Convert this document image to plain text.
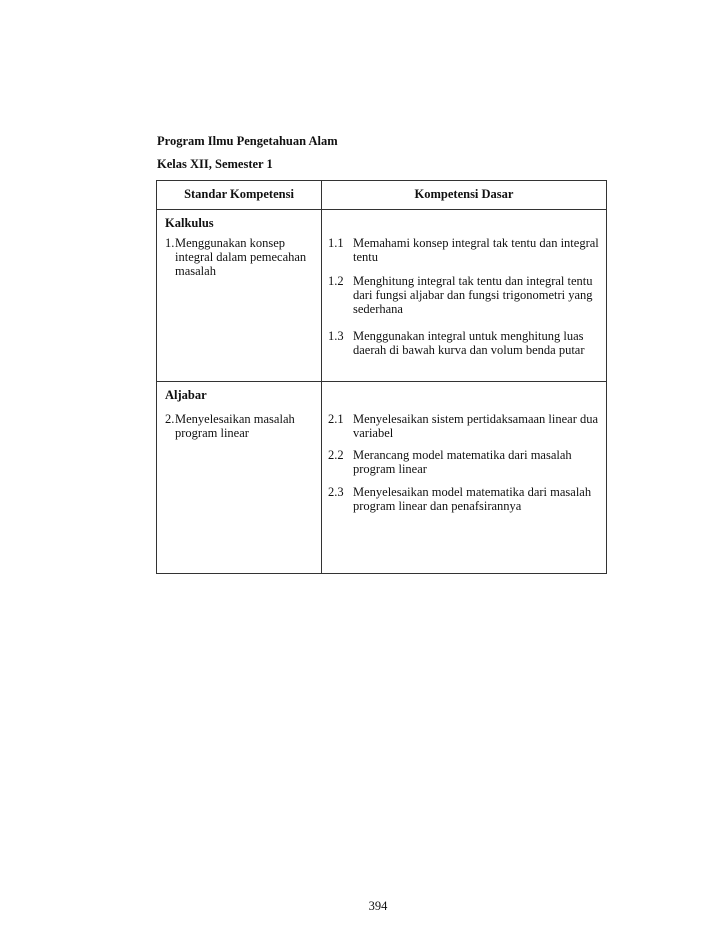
Program Ilmu Pengetahuan Alam
Kelas XII, Semester 1
Standar Kompetensi	Kompetensi Dasar
Kalkulus
1. Menggunakan konsep integral dalam pemecahan masalah
1.1 Memahami konsep integral tak tentu dan integral tentu
1.2 Menghitung integral tak tentu dan integral tentu dari fungsi aljabar dan fungsi trigonometri yang sederhana
1.3 Menggunakan integral untuk menghitung luas daerah di bawah kurva dan volum benda putar
Aljabar
2. Menyelesaikan masalah program linear
2.1 Menyelesaikan sistem pertidaksamaan linear dua variabel
2.2 Merancang model matematika dari masalah program linear
2.3 Menyelesaikan model matematika dari masalah program linear dan penafsirannya
394
